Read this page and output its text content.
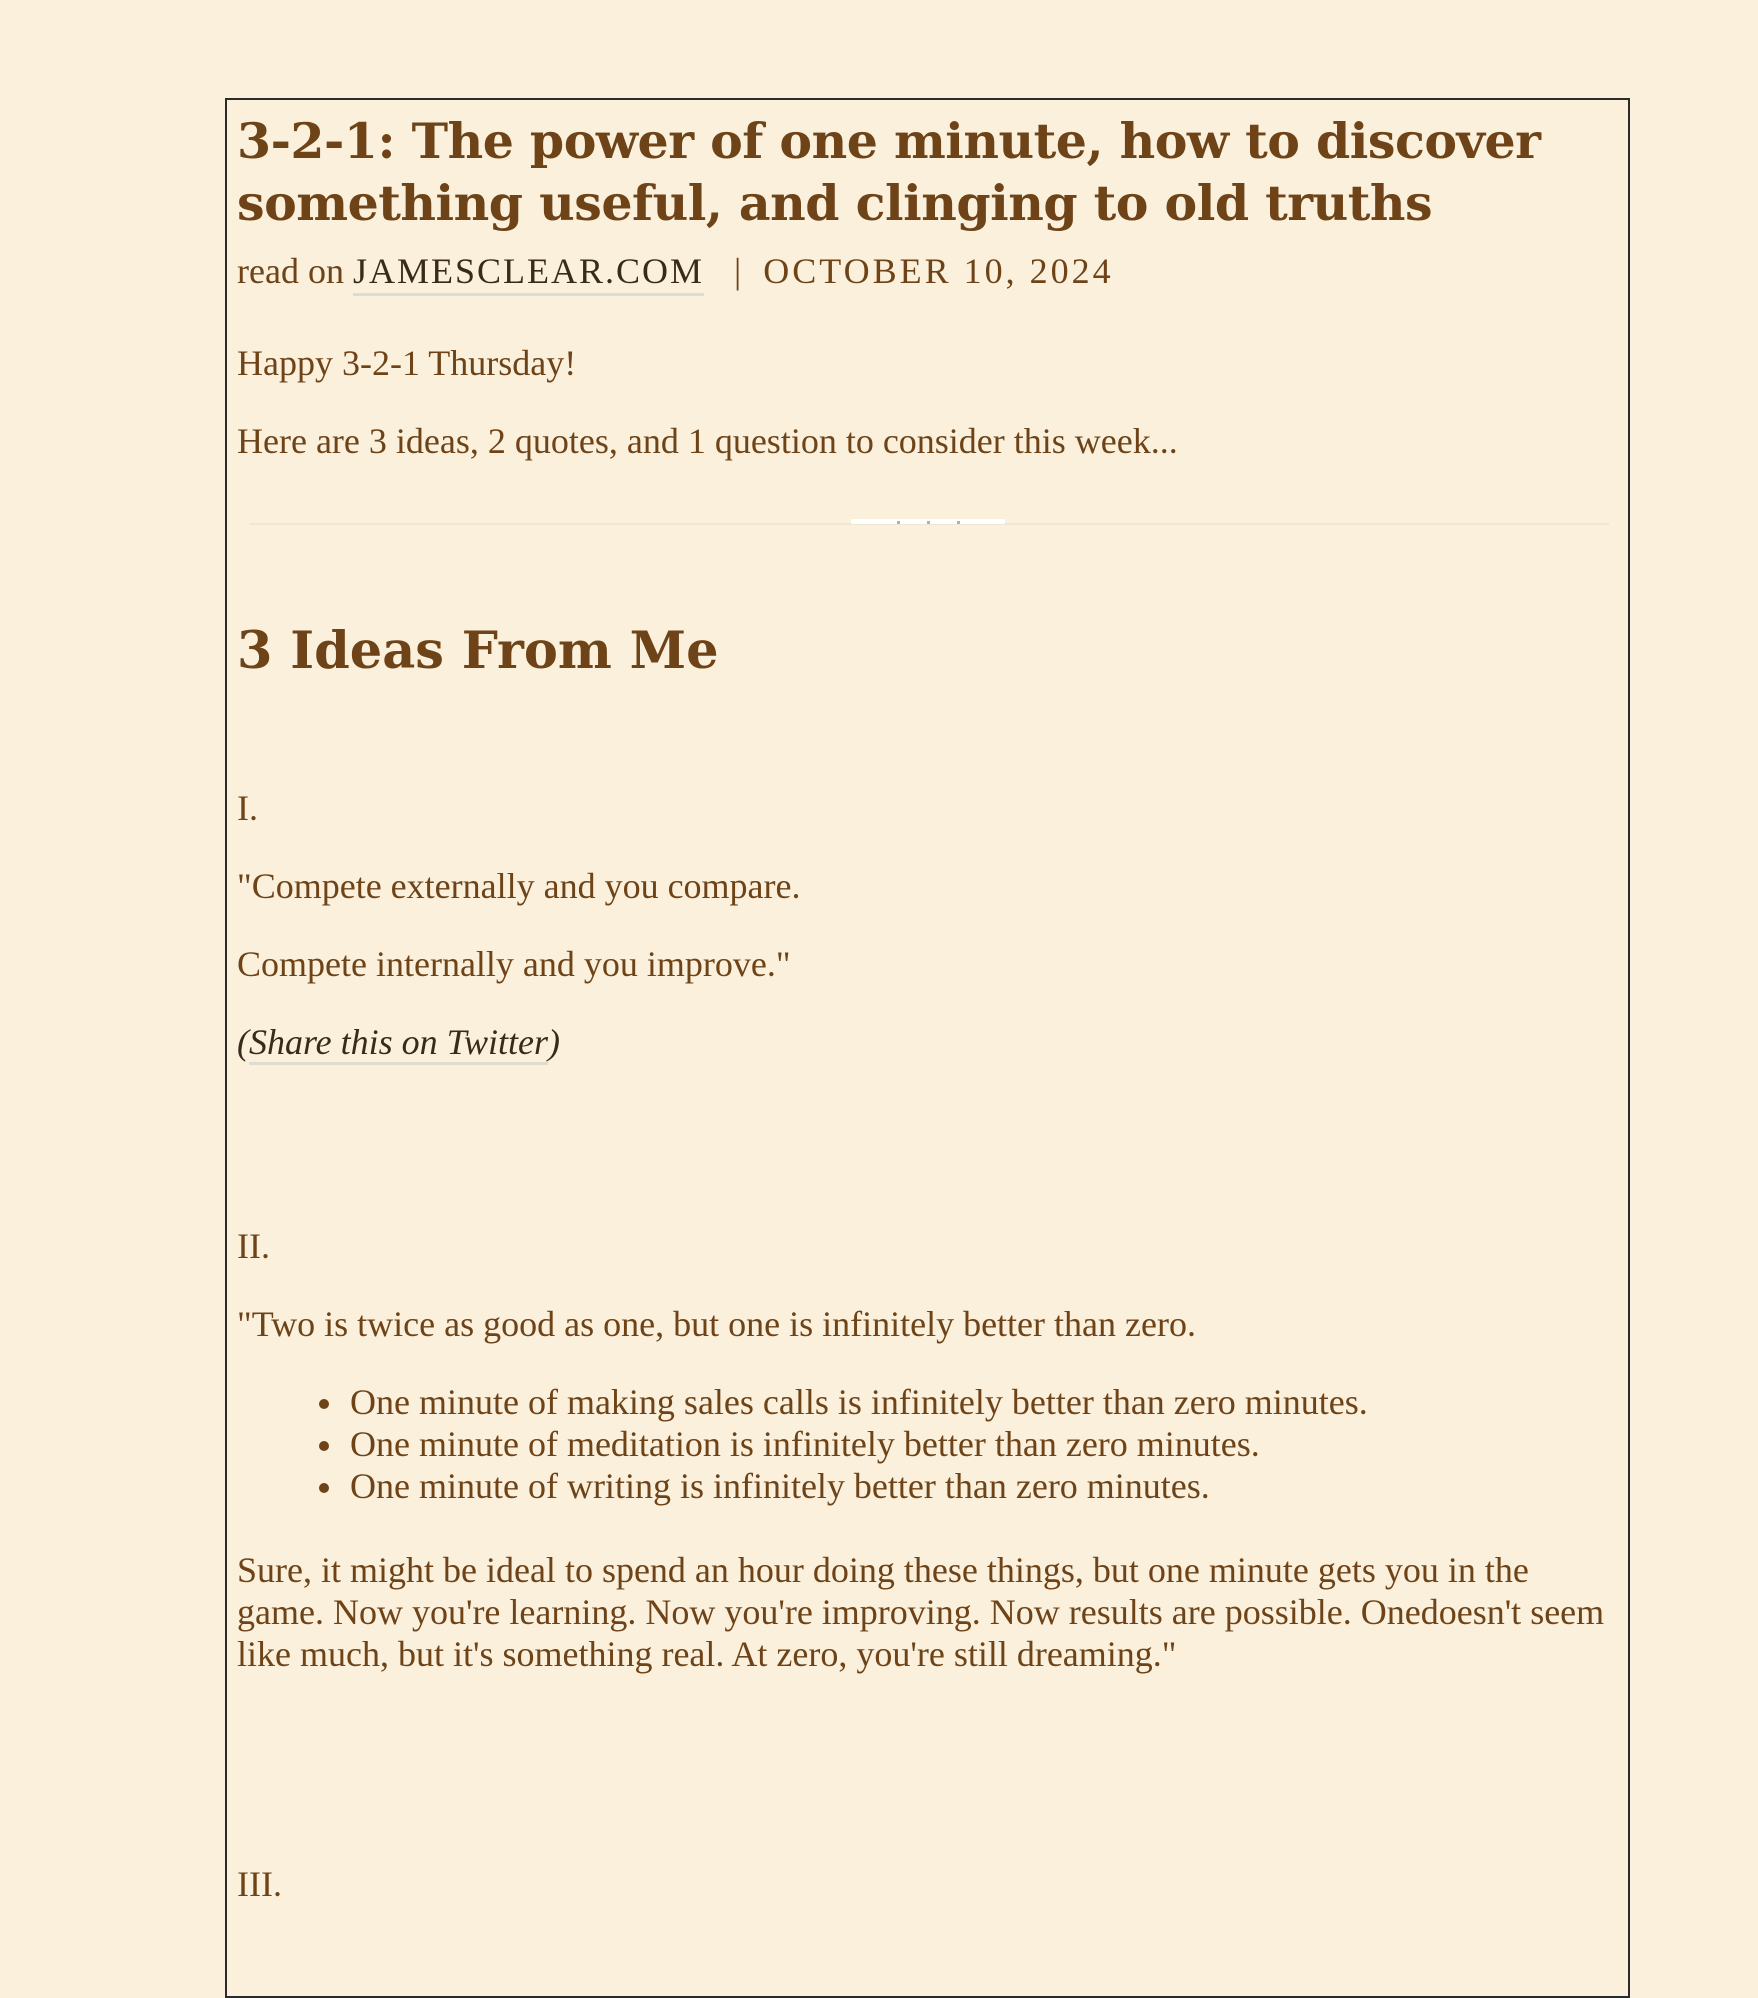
3-2-1: The power of one minute, how to discover something useful, and clinging to old truths
read on JAMESCLEAR.COM | OCTOBER 10, 2024

Happy 3-2-1 Thursday!

Here are 3 ideas, 2 quotes, and 1 question to consider this week...

3 Ideas From Me

I.

"Compete externally and you compare.

Compete internally and you improve."

(Share this on Twitter)

II.

"Two is twice as good as one, but one is infinitely better than zero.

One minute of making sales calls is infinitely better than zero minutes.
One minute of meditation is infinitely better than zero minutes.
One minute of writing is infinitely better than zero minutes.

Sure, it might be ideal to spend an hour doing these things, but one minute gets you in the game. Now you're learning. Now you're improving. Now results are possible. Onedoesn't seem like much, but it's something real. At zero, you're still dreaming."

III.
